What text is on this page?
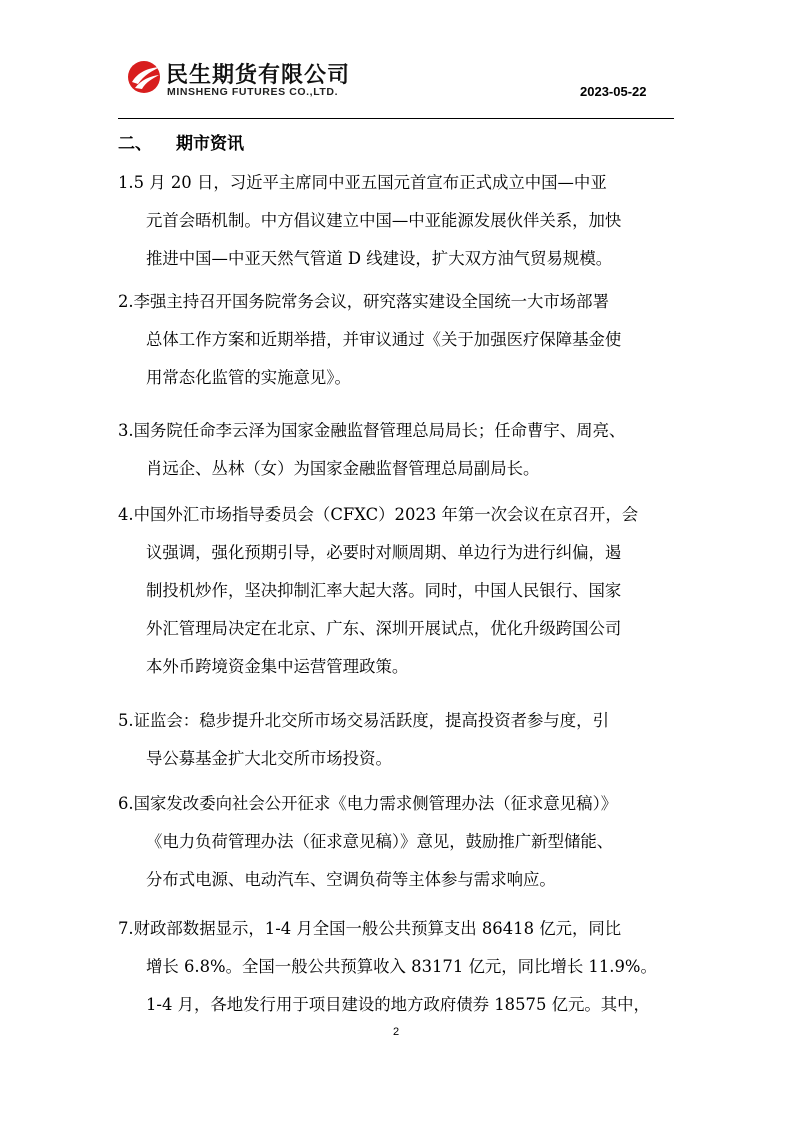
民生期货有限公司
MINSHENG FUTURES CO.,LTD.	2023-05-22
二、 期市资讯
1.5 月 20 日，习近平主席同中亚五国元首宣布正式成立中国—中亚
元首会晤机制。中方倡议建立中国—中亚能源发展伙伴关系，加快
推进中国—中亚天然气管道 D 线建设，扩大双方油气贸易规模。
2.李强主持召开国务院常务会议，研究落实建设全国统一大市场部署
总体工作方案和近期举措，并审议通过《关于加强医疗保障基金使
用常态化监管的实施意见》。
3.国务院任命李云泽为国家金融监督管理总局局长；任命曹宇、周亮、
肖远企、丛林（女）为国家金融监督管理总局副局长。
4.中国外汇市场指导委员会（CFXC）2023 年第一次会议在京召开，会
议强调，强化预期引导，必要时对顺周期、单边行为进行纠偏，遏
制投机炒作，坚决抑制汇率大起大落。同时，中国人民银行、国家
外汇管理局决定在北京、广东、深圳开展试点，优化升级跨国公司
本外币跨境资金集中运营管理政策。
5.证监会：稳步提升北交所市场交易活跃度，提高投资者参与度，引
导公募基金扩大北交所市场投资。
6.国家发改委向社会公开征求《电力需求侧管理办法（征求意见稿）》
《电力负荷管理办法（征求意见稿）》意见，鼓励推广新型储能、
分布式电源、电动汽车、空调负荷等主体参与需求响应。
7.财政部数据显示，1-4 月全国一般公共预算支出 86418 亿元，同比
增长 6.8%。全国一般公共预算收入 83171 亿元，同比增长 11.9%。
1-4 月，各地发行用于项目建设的地方政府债券 18575 亿元。其中，
2
